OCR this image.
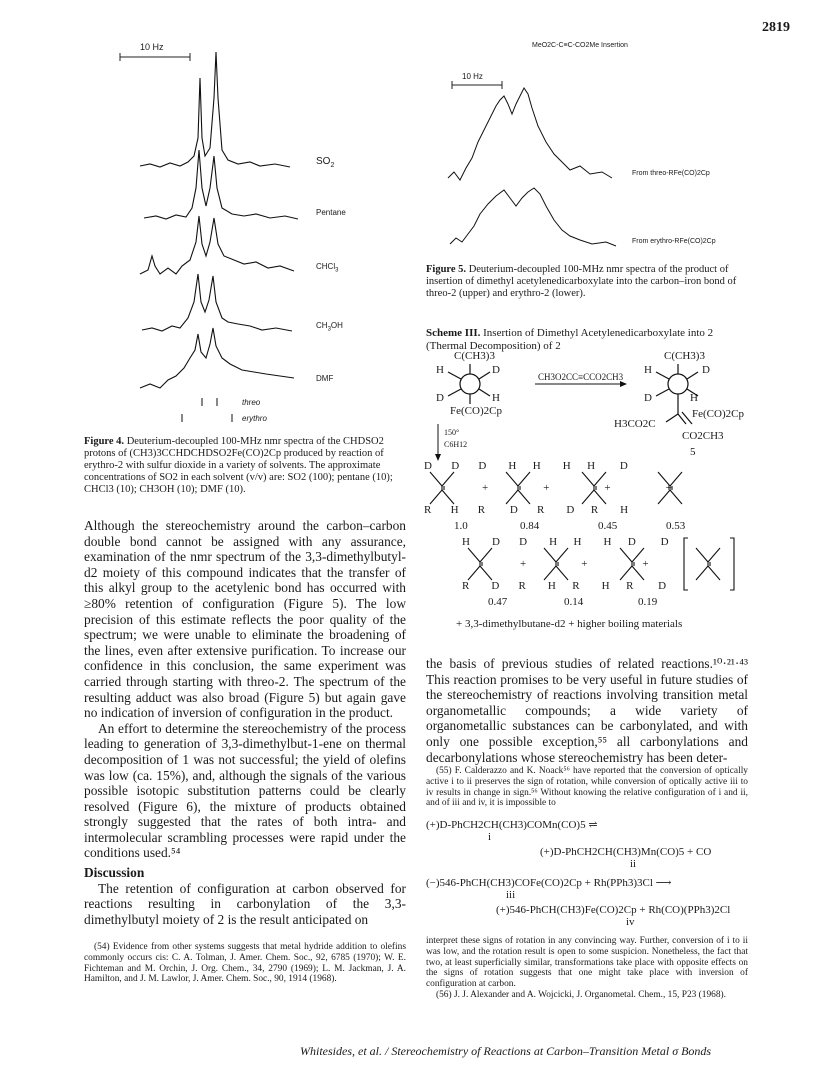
2819
10 Hz
$SO_2$
Pentane
CHCl$_3$
$CH_3OH$
DMF
threo
erythro
Figure 4. Deuterium-decoupled 100-MHz nmr spectra of the CHDSO2 protons of (CH3)3CCHDCHDSO2Fe(CO)2Cp produced by reaction of erythro-2 with sulfur dioxide in a variety of solvents. The approximate concentrations of SO2 in each solvent (v/v) are: SO2 (100); pentane (10); CHCl3 (10); CH3OH (10); DMF (10).
MeO2C-C≡C-CO2Me Insertion
10 Hz
From threo-RFe(CO)2Cp
From erythro-RFe(CO)2Cp
Figure 5. Deuterium-decoupled 100-MHz nmr spectra of the product of insertion of dimethyl acetylenedicarboxylate into the carbon–iron bond of threo-2 (upper) and erythro-2 (lower).
Scheme III. Insertion of Dimethyl Acetylenedicarboxylate into 2 (Thermal Decomposition) of 2
C(CH3)3
H	D
D	H
Fe(CO)2Cp
CH3O2CC≡CCO2CH3
C(CH3)3
H	D
D	H
Fe(CO)2Cp
H3CO2C
CO2CH3
5
150°
C6H12
D       D       D        H      H        H      H         D
+                    +                    +                    +
R       H       R         D       R        D      R        H
1.0	0.84	0.45	0.53
H        D       D        H      H        H      D         D
+                    +                    +
R        D       R        H      R        H      R         D
0.47	0.14	0.19
+ 3,3-dimethylbutane-d2 + higher boiling materials

Although the stereochemistry around the carbon–carbon double bond cannot be assigned with any assurance, examination of the nmr spectrum of the 3,3-dimethylbutyl-d2 moiety of this compound indicates that the transfer of this alkyl group to the acetylenic bond has occurred with ≥80% retention of configuration (Figure 5). The low precision of this estimate reflects the poor quality of the spectrum; we were unable to eliminate the broadening of the lines, even after extensive purification. To increase our confidence in this conclusion, the same experiment was carried through starting with threo-2. The spectrum of the resulting adduct was also broad (Figure 5) but again gave no indication of inversion of configuration in the product.

An effort to determine the stereochemistry of the process leading to generation of 3,3-dimethylbut-1-ene on thermal decomposition of 1 was not successful; the yield of olefins was low (ca. 15%), and, although the signals of the various possible isotopic substitution patterns could be clearly resolved (Figure 6), the mixture of products obtained strongly suggested that the rates of both intra- and intermolecular scrambling processes were rapid under the conditions used.⁵⁴

Discussion

The retention of configuration at carbon observed for reactions resulting in carbonylation of the 3,3-dimethylbutyl moiety of 2 is the result anticipated on

(54) Evidence from other systems suggests that metal hydride addition to olefins commonly occurs cis: C. A. Tolman, J. Amer. Chem. Soc., 92, 6785 (1970); W. E. Fichteman and M. Orchin, J. Org. Chem., 34, 2790 (1969); L. M. Jackman, J. A. Hamilton, and J. M. Lawlor, J. Amer. Chem. Soc., 90, 1914 (1968).

the basis of previous studies of related reactions.¹⁰·²¹·⁴³ This reaction promises to be very useful in future studies of the stereochemistry of reactions involving transition metal organometallic compounds; a wide variety of organometallic substances can be carbonylated, and with only one possible exception,⁵⁵ all carbonylations and decarbonylations whose stereochemistry has been deter-

(55) F. Calderazzo and K. Noack⁵⁶ have reported that the conversion of optically active i to ii preserves the sign of rotation, while conversion of optically active iii to iv results in change in sign.⁵⁶ Without knowing the relative configuration of i and ii, and of iii and iv, it is impossible to

(+)D-PhCH2CH(CH3)COMn(CO)5 ⇌
i
(+)D-PhCH2CH(CH3)Mn(CO)5 + CO
ii
(−)546-PhCH(CH3)COFe(CO)2Cp + Rh(PPh3)3Cl ⟶
iii
(+)546-PhCH(CH3)Fe(CO)2Cp + Rh(CO)(PPh3)2Cl
iv

interpret these signs of rotation in any convincing way. Further, conversion of i to ii was low, and the rotation result is open to some suspicion. Nonetheless, the fact that two, at least superficially similar, transformations take place with opposite effects on the signs of rotation suggests that one might take place with inversion of configuration at carbon.

(56) J. J. Alexander and A. Wojcicki, J. Organometal. Chem., 15, P23 (1968).

Whitesides, et al. / Stereochemistry of Reactions at Carbon–Transition Metal σ Bonds
